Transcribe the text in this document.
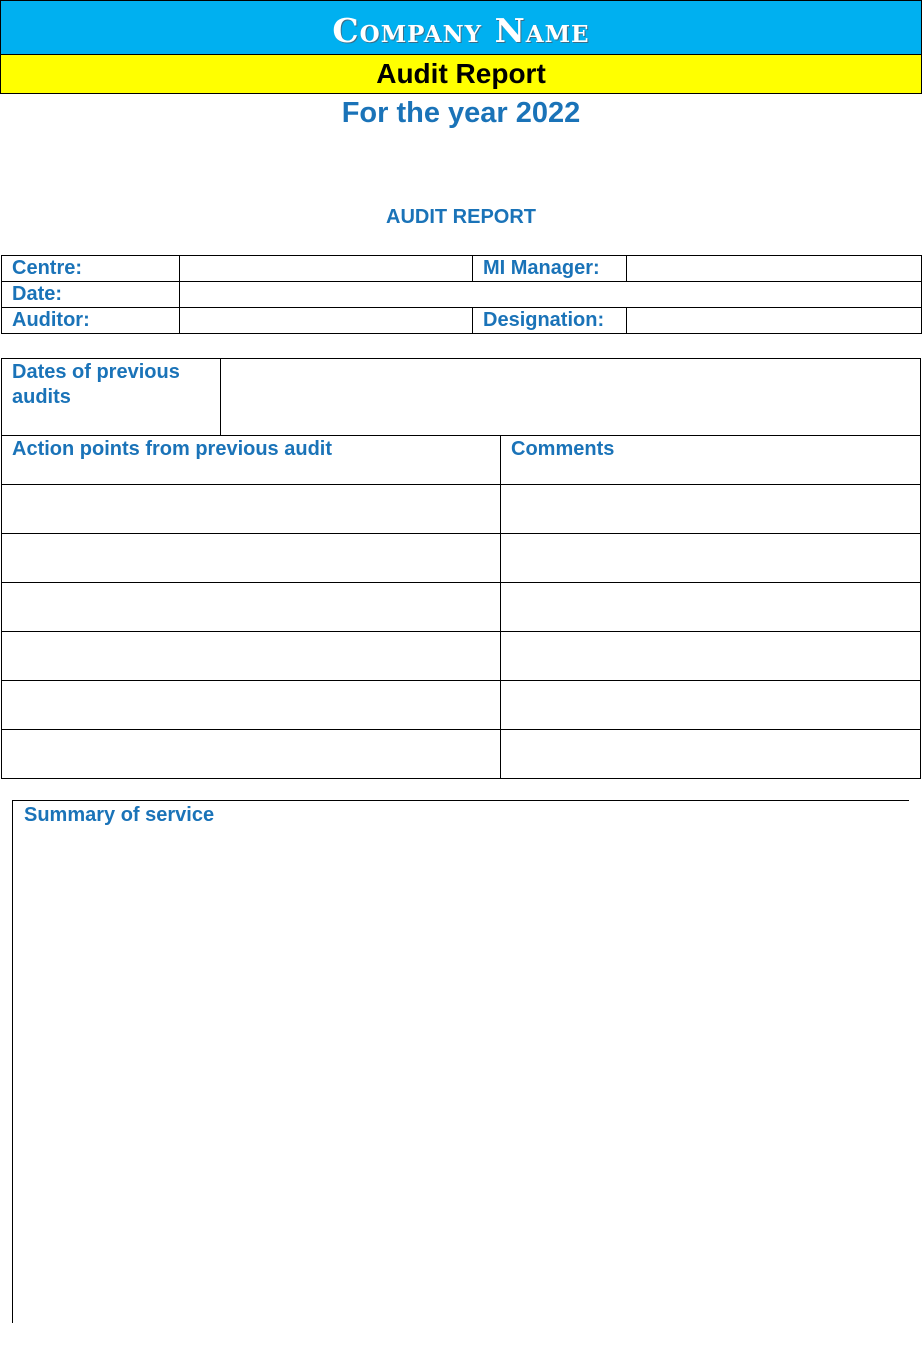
Company Name
Audit Report
For the year 2022
AUDIT REPORT
Centre:		MI Manager:	
Date:			
Auditor:		Designation:	
Dates of previous audits		
Action points from previous audit		Comments

Summary of service
